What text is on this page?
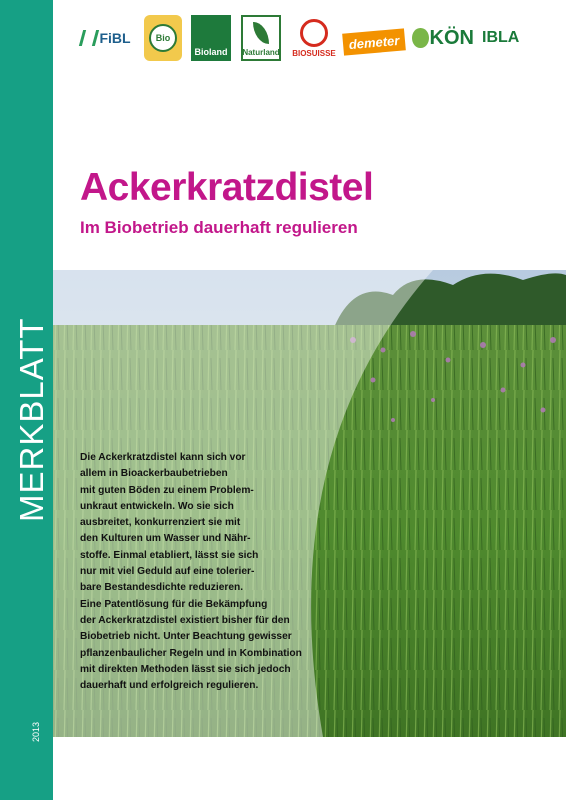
MERKBLATT
2013
FiBL	Bio
Bioland	Naturland BIOSUISSE
demeter	KÖN IBLA
Ackerkratzdistel
Im Biobetrieb dauerhaft regulieren

Die Ackerkratzdistel kann sich vor
allem in Bioackerbaubetrieben
mit guten Böden zu einem Problem-
unkraut entwickeln. Wo sie sich
ausbreitet, konkurrenziert sie mit
den Kulturen um Wasser und Nähr-
stoffe. Einmal etabliert, lässt sie sich
nur mit viel Geduld auf eine tolerier-
bare Bestandesdichte reduzieren.
Eine Patentlösung für die Bekämpfung
der Ackerkratzdistel existiert bisher für den
Biobetrieb nicht. Unter Beachtung gewisser
pflanzenbaulicher Regeln und in Kombination
mit direkten Methoden lässt sie sich jedoch
dauerhaft und erfolgreich regulieren.
